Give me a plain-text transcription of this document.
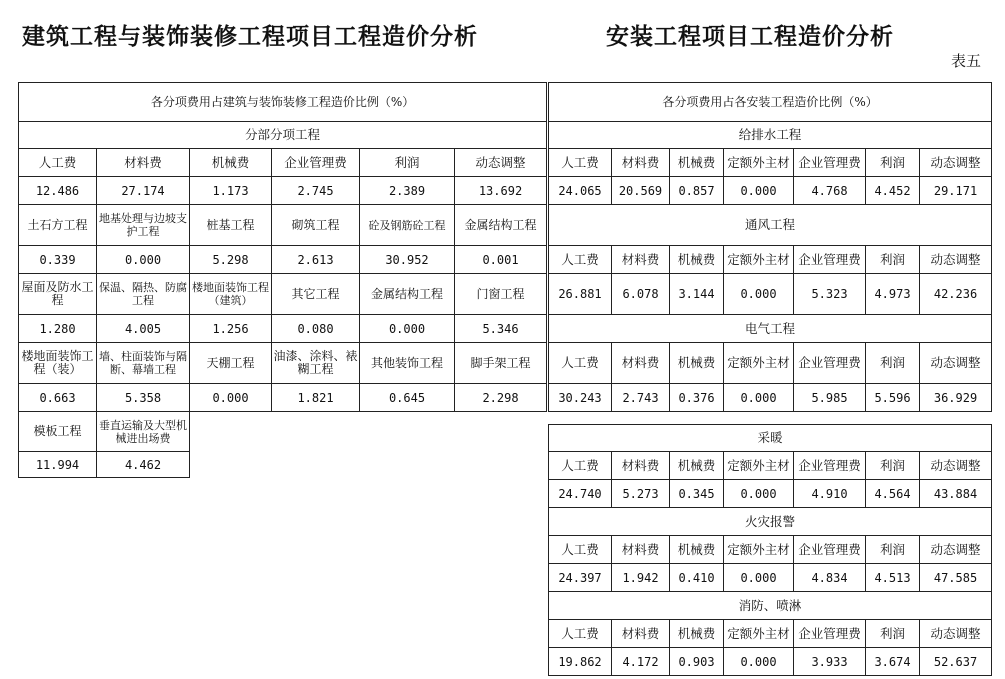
建筑工程与装饰装修工程项目工程造价分析	安装工程项目工程造价分析
表五
各分项费用占建筑与装饰装修工程造价比例（%）					
分部分项工程					
人工费	材料费	机械费	企业管理费	利润	动态调整
12.486	27.174	1.173	2.745	2.389	13.692
土石方工程	地基处理与边坡支护工程	桩基工程	砌筑工程	砼及钢筋砼工程	金属结构工程
0.339	0.000	5.298	2.613	30.952	0.001
屋面及防水工程	保温、隔热、防腐工程	楼地面装饰工程（建筑）	其它工程	金属结构工程	门窗工程
1.280	4.005	1.256	0.080	0.000	5.346
楼地面装饰工程（装）	墙、柱面装饰与隔断、幕墙工程	天棚工程	油漆、涂料、裱糊工程	其他装饰工程	脚手架工程
0.663	5.358	0.000	1.821	0.645	2.298
模板工程	垂直运输及大型机械进出场费				
11.994	4.462				
各分项费用占各安装工程造价比例（%）						
给排水工程						
人工费	材料费	机械费	定额外主材	企业管理费	利润	动态调整
24.065	20.569	0.857	0.000	4.768	4.452	29.171
通风工程						
人工费	材料费	机械费	定额外主材	企业管理费	利润	动态调整
26.881	6.078	3.144	0.000	5.323	4.973	42.236
电气工程						
人工费	材料费	机械费	定额外主材	企业管理费	利润	动态调整
30.243	2.743	0.376	0.000	5.985	5.596	36.929

采暖						
人工费	材料费	机械费	定额外主材	企业管理费	利润	动态调整
24.740	5.273	0.345	0.000	4.910	4.564	43.884
火灾报警						
人工费	材料费	机械费	定额外主材	企业管理费	利润	动态调整
24.397	1.942	0.410	0.000	4.834	4.513	47.585
消防、喷淋						
人工费	材料费	机械费	定额外主材	企业管理费	利润	动态调整
19.862	4.172	0.903	0.000	3.933	3.674	52.637
